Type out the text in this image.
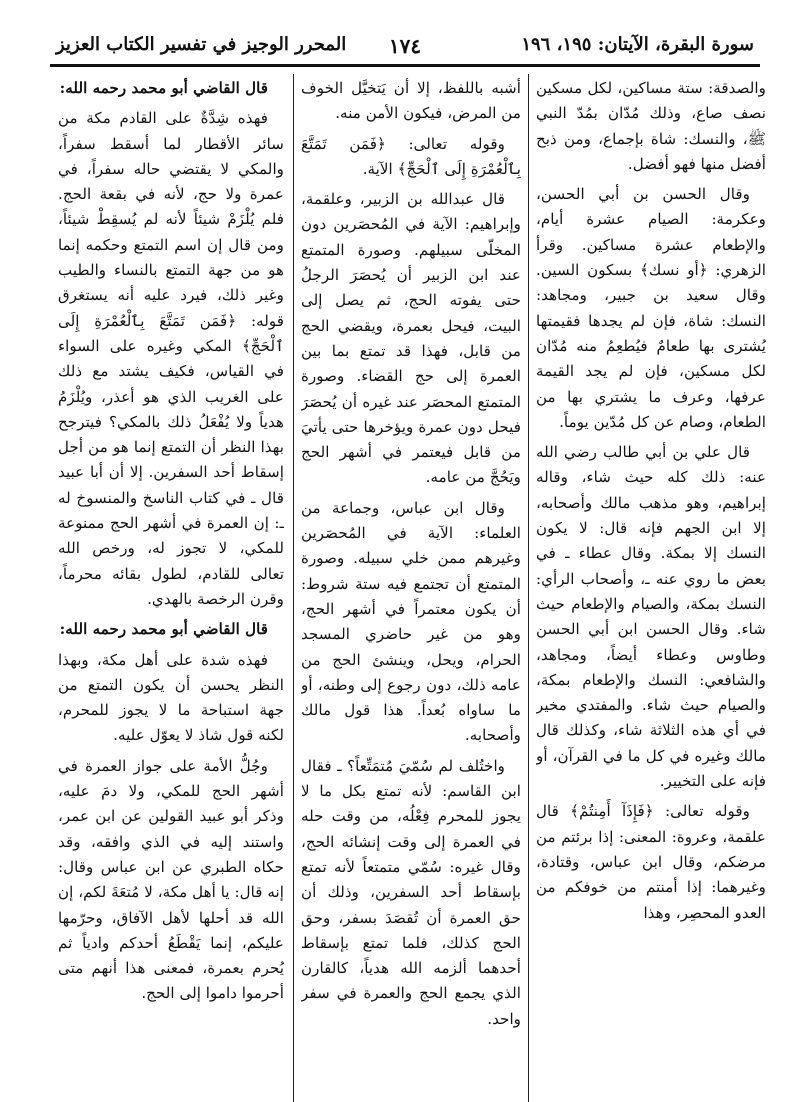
سورة البقرة، الآيتان: ١٩٥، ١٩٦
١٧٤
المحرر الوجيز في تفسير الكتاب العزيز

والصدقة: ستة مساكين، لكل مسكين نصف صاع، وذلك مُدّان بمُدّ النبي ﷺ، والنسك: شاة بإجماع، ومن ذبح أفضل منها فهو أفضل.

وقال الحسن بن أبي الحسن، وعكرمة: الصيام عشرة أيام، والإطعام عشرة مساكين. وقرأ الزهري: ﴿أو نسك﴾ بسكون السين. وقال سعيد بن جبير، ومجاهد: النسك: شاة، فإن لم يجدها فقيمتها يُشترى بها طعامٌ فيُطعِمُ منه مُدّان لكل مسكين، فإن لم يجد القيمة عرفها، وعرف ما يشتري بها من الطعام، وصام عن كل مُدّين يوماً.

قال علي بن أبي طالب رضي الله عنه: ذلك كله حيث شاء، وقاله إبراهيم، وهو مذهب مالك وأصحابه، إلا ابن الجهم فإنه قال: لا يكون النسك إلا بمكة. وقال عطاء ـ في بعض ما روي عنه ـ، وأصحاب الرأي: النسك بمكة، والصيام والإطعام حيث شاء. وقال الحسن ابن أبي الحسن وطاوس وعطاء أيضاً، ومجاهد، والشافعي: النسك والإطعام بمكة، والصيام حيث شاء. والمفتدي مخير في أي هذه الثلاثة شاء، وكذلك قال مالك وغيره في كل ما في القرآن، أو فإنه على التخيير.

وقوله تعالى: ﴿فَإِذَآ أَمِنتُمْ﴾ قال علقمة، وعروة: المعنى: إذا برئتم من مرضكم، وقال ابن عباس، وقتادة، وغيرهما: إذا أمنتم من خوفكم من العدو المحصِر، وهذا

أشبه باللفظ، إلا أن يَتخيَّل الخوف من المرض، فيكون الأمن منه.

وقوله تعالى: ﴿فَمَن تَمَتَّعَ بِٱلْعُمْرَةِ إِلَى ٱلْحَجِّ﴾ الآية.

قال عبدالله بن الزبير، وعلقمة، وإبراهيم: الآية في المُحصَرين دون المخلّى سبيلهم. وصورة المتمتع عند ابن الزبير أن يُحصَرَ الرجلُ حتى يفوته الحج، ثم يصل إلى البيت، فيحل بعمرة، ويقضي الحج من قابل، فهذا قد تمتع بما بين العمرة إلى حج القضاء. وصورة المتمتع المحصَر عند غيره أن يُحصَرَ فيحل دون عمرة ويؤخرها حتى يأتيَ من قابل فيعتمر في أشهر الحج ويَحُجَّ من عامه.

وقال ابن عباس، وجماعة من العلماء: الآية في المُحصَرين وغيرهم ممن خلي سبيله. وصورة المتمتع أن تجتمع فيه ستة شروط: أن يكون معتمراً في أشهر الحج، وهو من غير حاضري المسجد الحرام، ويحل، وينشئ الحج من عامه ذلك، دون رجوع إلى وطنه، أو ما ساواه بُعداً. هذا قول مالك وأصحابه.

واختُلف لم سُمّيَ مُتمَتِّعاً؟ ـ فقال ابن القاسم: لأنه تمتع بكل ما لا يجوز للمحرم فِعْلُه، من وقت حله في العمرة إلى وقت إنشائه الحج، وقال غيره: سُمّي متمتعاً لأنه تمتع بإسقاط أحد السفرين، وذلك أن حق العمرة أن تُقصَدَ بسفر، وحق الحج كذلك، فلما تمتع بإسقاط أحدهما ألزمه الله هدياً، كالقارن الذي يجمع الحج والعمرة في سفر واحد.

قال القاضي أبو محمد رحمه الله:

فهذه شِدَّةٌ على القادم مكة من سائر الأقطار لما أسقط سفراً، والمكي لا يقتضي حاله سفراً، في عمرة ولا حج، لأنه في بقعة الحج. فلم يُلْزَمْ شيئاً لأنه لم يُسقِطْ شيئاً، ومن قال إن اسم التمتع وحكمه إنما هو من جهة التمتع بالنساء والطيب وغير ذلك، فيرد عليه أنه يستغرق قوله: ﴿فَمَن تَمَتَّعَ بِٱلْعُمْرَةِ إِلَى ٱلْحَجِّ﴾ المكي وغيره على السواء في القياس، فكيف يشتد مع ذلك على الغريب الذي هو أعذر، ويُلْزَمُ هدياً ولا يُفْعَلُ ذلك بالمكي؟ فيترجح بهذا النظر أن التمتع إنما هو من أجل إسقاط أحد السفرين. إلا أن أبا عبيد قال ـ في كتاب الناسخ والمنسوخ له ـ: إن العمرة في أشهر الحج ممنوعة للمكي، لا تجوز له، ورخص الله تعالى للقادم، لطول بقائه محرماً، وقرن الرخصة بالهدي.

قال القاضي أبو محمد رحمه الله:

فهذه شدة على أهل مكة، وبهذا النظر يحسن أن يكون التمتع من جهة استباحة ما لا يجوز للمحرم، لكنه قول شاذ لا يعوّل عليه.

وجُلُّ الأمة على جواز العمرة في أشهر الحج للمكي، ولا دمَ عليه، وذكر أبو عبيد القولين عن ابن عمر، واستند إليه في الذي وافقه، وقد حكاه الطبري عن ابن عباس وقال: إنه قال: يا أهل مكة، لا مُتعَةَ لكم، إن الله قد أحلها لأهل الآفاق، وحرّمها عليكم، إنما يَقْطَعُ أحدكم وادياً ثم يُحرم بعمرة، فمعنى هذا أنهم متى أحرموا داموا إلى الحج.
